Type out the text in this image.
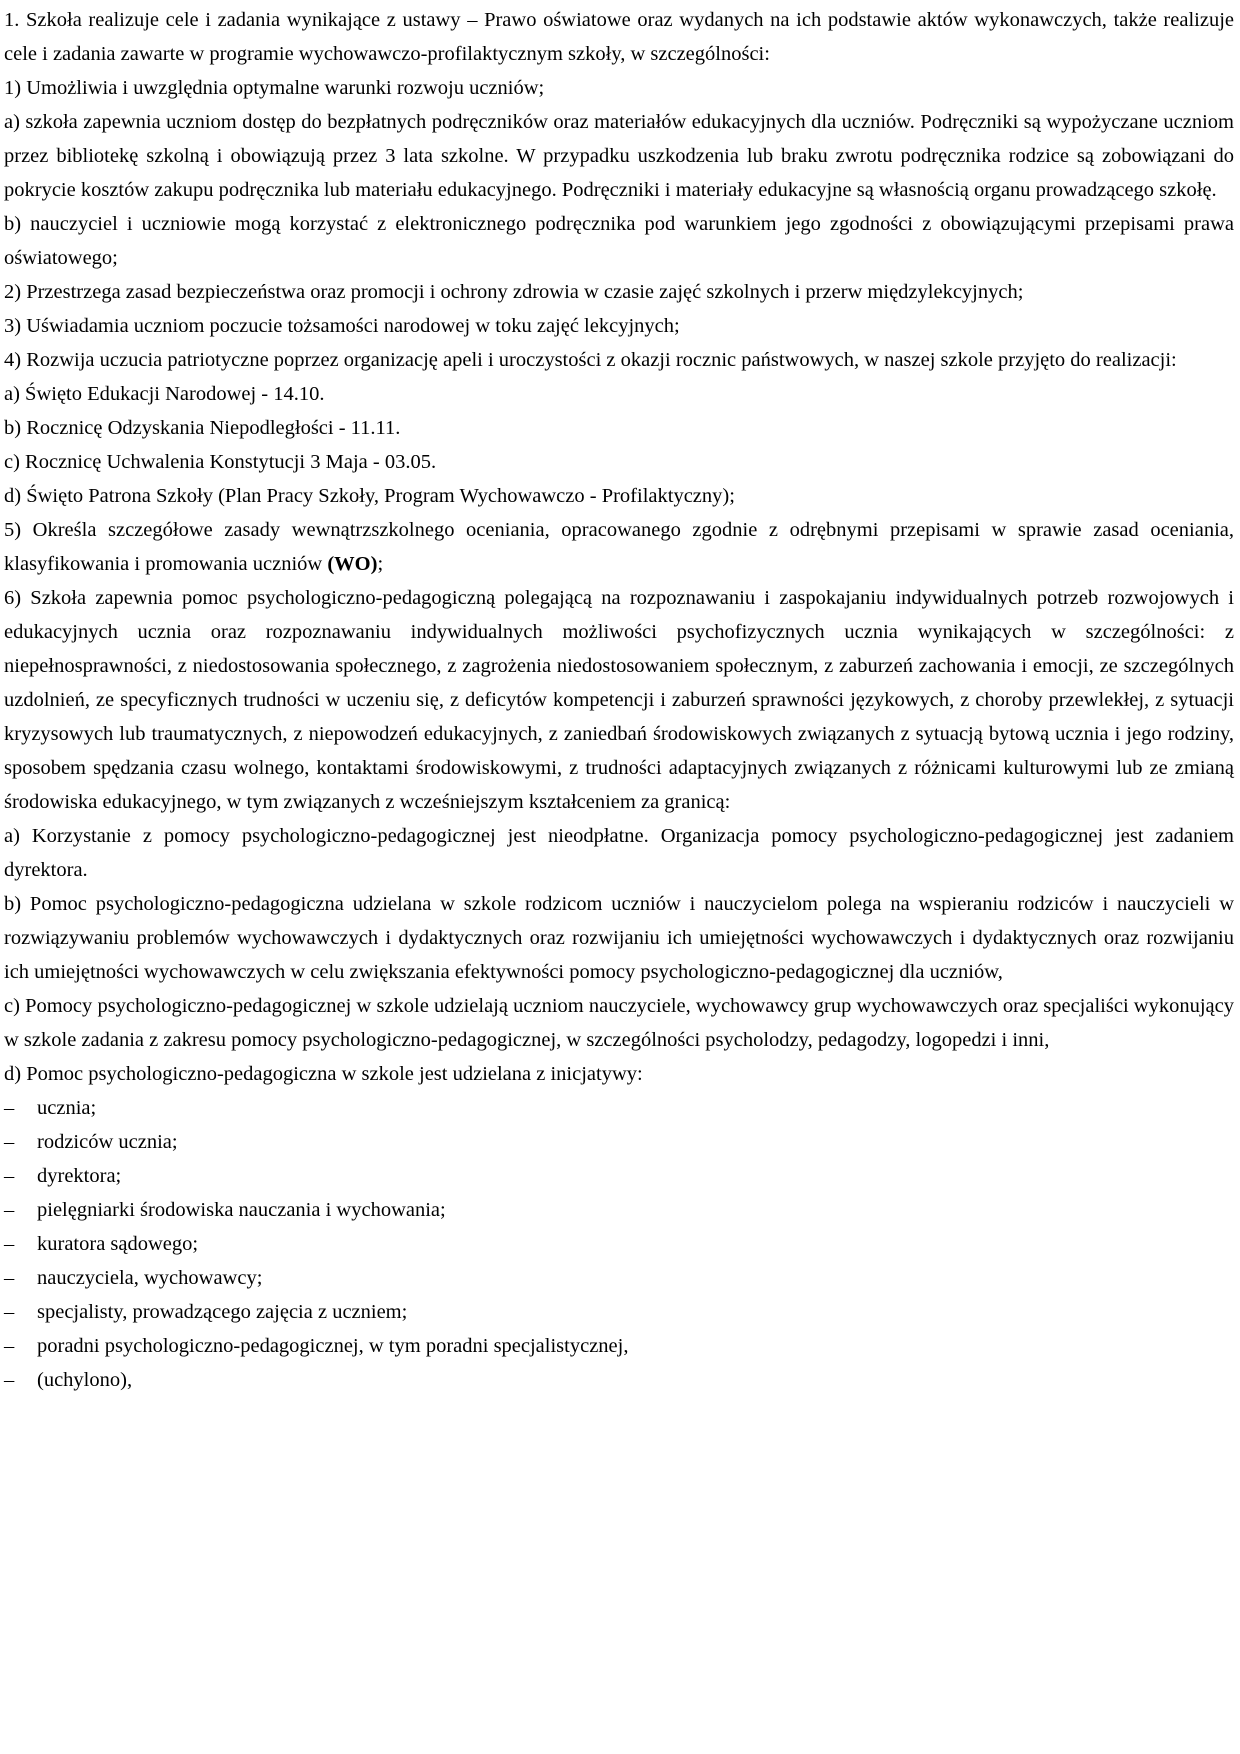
1. Szkoła realizuje cele i zadania wynikające z ustawy – Prawo oświatowe oraz wydanych na ich podstawie aktów wykonawczych, także realizuje cele i zadania zawarte w programie wychowawczo-profilaktycznym szkoły, w szczególności:

1) Umożliwia i uwzględnia optymalne warunki rozwoju uczniów;

a) szkoła zapewnia uczniom dostęp do bezpłatnych podręczników oraz materiałów edukacyjnych dla uczniów. Podręczniki są wypożyczane uczniom przez bibliotekę szkolną i obowiązują przez 3 lata szkolne. W przypadku uszkodzenia lub braku zwrotu podręcznika rodzice są zobowiązani do pokrycie kosztów zakupu podręcznika lub materiału edukacyjnego. Podręczniki i materiały edukacyjne są własnością organu prowadzącego szkołę.

b) nauczyciel i uczniowie mogą korzystać z elektronicznego podręcznika pod warunkiem jego zgodności z obowiązującymi przepisami prawa oświatowego;

2) Przestrzega zasad bezpieczeństwa oraz promocji i ochrony zdrowia w czasie zajęć szkolnych i przerw międzylekcyjnych;

3) Uświadamia uczniom poczucie tożsamości narodowej w toku zajęć lekcyjnych;

4) Rozwija uczucia patriotyczne poprzez organizację apeli i uroczystości z okazji rocznic państwowych, w naszej szkole przyjęto do realizacji:

a) Święto Edukacji Narodowej - 14.10.

b) Rocznicę Odzyskania Niepodległości - 11.11.

c) Rocznicę Uchwalenia Konstytucji 3 Maja - 03.05.

d) Święto Patrona Szkoły (Plan Pracy Szkoły, Program Wychowawczo - Profilaktyczny);

5) Określa szczegółowe zasady wewnątrzszkolnego oceniania, opracowanego zgodnie z odrębnymi przepisami w sprawie zasad oceniania, klasyfikowania i promowania uczniów (WO);

6) Szkoła zapewnia pomoc psychologiczno-pedagogiczną polegającą na rozpoznawaniu i zaspokajaniu indywidualnych potrzeb rozwojowych i edukacyjnych ucznia oraz rozpoznawaniu indywidualnych możliwości psychofizycznych ucznia wynikających w szczególności: z niepełnosprawności, z niedostosowania społecznego, z zagrożenia niedostosowaniem społecznym, z zaburzeń zachowania i emocji, ze szczególnych uzdolnień, ze specyficznych trudności w uczeniu się, z deficytów kompetencji i zaburzeń sprawności językowych, z choroby przewlekłej, z sytuacji kryzysowych lub traumatycznych, z niepowodzeń edukacyjnych, z zaniedbań środowiskowych związanych z sytuacją bytową ucznia i jego rodziny, sposobem spędzania czasu wolnego, kontaktami środowiskowymi, z trudności adaptacyjnych związanych z różnicami kulturowymi lub ze zmianą środowiska edukacyjnego, w tym związanych z wcześniejszym kształceniem za granicą:

a) Korzystanie z pomocy psychologiczno-pedagogicznej jest nieodpłatne. Organizacja pomocy psychologiczno-pedagogicznej jest zadaniem dyrektora.

b) Pomoc psychologiczno-pedagogiczna udzielana w szkole rodzicom uczniów i nauczycielom polega na wspieraniu rodziców i nauczycieli w rozwiązywaniu problemów wychowawczych i dydaktycznych oraz rozwijaniu ich umiejętności wychowawczych i dydaktycznych oraz rozwijaniu ich umiejętności wychowawczych w celu zwiększania efektywności pomocy psychologiczno-pedagogicznej dla uczniów,

c) Pomocy psychologiczno-pedagogicznej w szkole udzielają uczniom nauczyciele, wychowawcy grup wychowawczych oraz specjaliści wykonujący w szkole zadania z zakresu pomocy psychologiczno-pedagogicznej, w szczególności psycholodzy, pedagodzy, logopedzi i inni,

d) Pomoc psychologiczno-pedagogiczna w szkole jest udzielana z inicjatywy:

–	ucznia;
–	rodziców ucznia;
–	dyrektora;
–	pielęgniarki środowiska nauczania i wychowania;
–	kuratora sądowego;
–	nauczyciela, wychowawcy;
–	specjalisty, prowadzącego zajęcia z uczniem;
–	poradni psychologiczno-pedagogicznej, w tym poradni specjalistycznej,
–	(uchylono),
